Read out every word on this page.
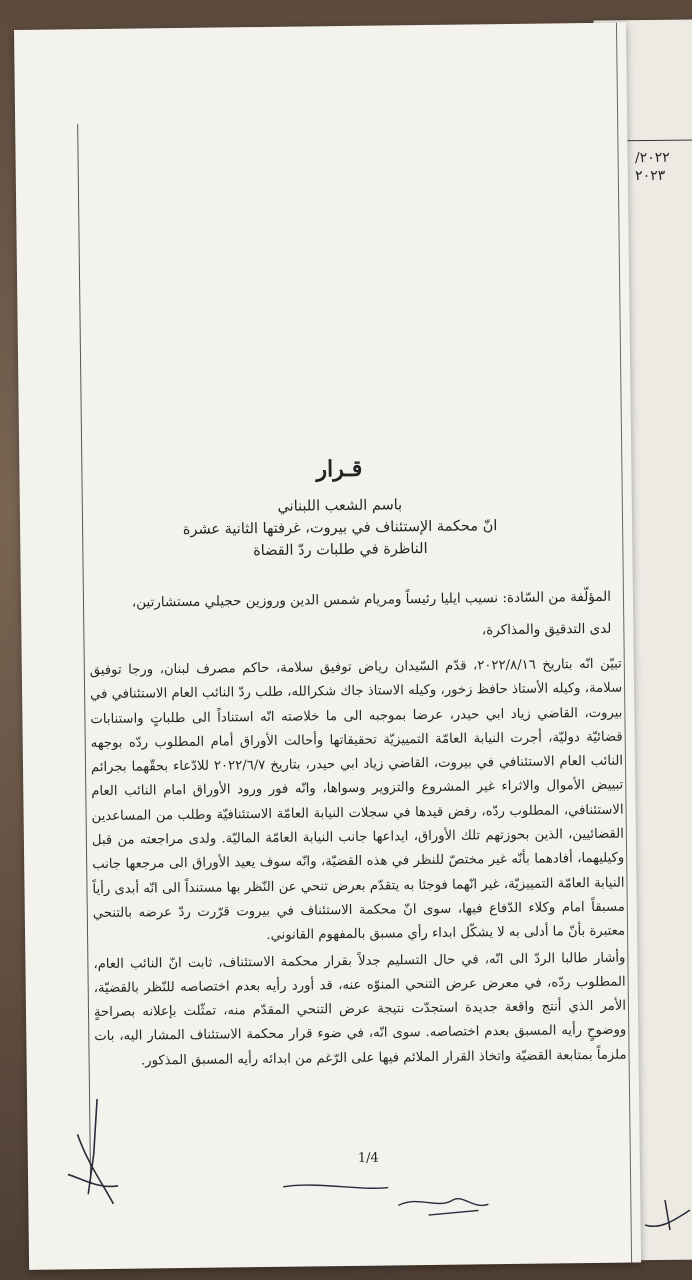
٢٠٢٢/
٢٠٢٣
قـرار
باسم الشعب اللبناني
انّ محكمة الإستئناف في بيروت، غرفتها الثانية عشرة
الناظرة في طلبات ردّ القضاة
المؤلّفة من السّادة: نسيب ايليا رئيساً ومريام شمس الدين وروزين حجيلي مستشارتين،
لدى التدقيق والمذاكرة،

تبيّن انّه بتاريخ ٢٠٢٢/٨/١٦، قدّم السّيدان رياض توفيق سلامة، حاكم مصرف لبنان، ورجا توفيق سلامة، وكيله الأستاذ حافظ زخور، وكيله الاستاذ جاك شكرالله، طلب ردّ النائب العام الاستئنافي في بيروت، القاضي زياد ابي حيدر، عرضا بموجبه الى ما خلاصته انّه استناداً الى طلباتٍ واستنابات قضائيّة دوليّة، أجرت النيابة العامّة التمييزيّة تحقيقاتها وأحالت الأوراق أمام المطلوب ردّه بوجهه النائب العام الاستئنافي في بيروت، القاضي زياد ابي حيدر، بتاريخ ٢٠٢٢/٦/٧ للادّعاء بحقّهما بجرائم تبييض الأموال والاثراء غير المشروع والتزوير وسواها، وانّه فور ورود الأوراق امام النائب العام الاستئنافي، المطلوب ردّه، رفض قيدها في سجلات النيابة العامّة الاستئنافيّة وطلب من المساعدين القضائيين، الذين بحوزتهم تلك الأوراق، ايداعها جانب النيابة العامّة الماليّة. ولدى مراجعته من قبل وكيليهما، أفادهما بأنّه غير مختصّ للنظر في هذه القضيّة، وانّه سوف يعيد الأوراق الى مرجعها جانب النيابة العامّة التمييزيّة، غير انّهما فوجئا به يتقدّم بعرض تنحي عن النّظر بها مستنداً الى انّه أبدى رأياً مسبقاً امام وكلاء الدّفاع فيها، سوى انّ محكمة الاستئناف في بيروت قرّرت ردّ عرضه بالتنحي معتبرة بأنّ ما أدلى به لا يشكّل ابداء رأي مسبق بالمفهوم القانوني.

وأشار طالبا الردّ الى انّه، في حال التسليم جدلاً بقرار محكمة الاستئناف، ثابت انّ النائب العام، المطلوب ردّه، في معرض عرض التنحي المنوّه عنه، قد أورد رأيه بعدم اختصاصه للنّظر بالقضيّة، الأمر الذي أنتج واقعة جديدة استجدّت نتيجة عرض التنحي المقدّم منه، تمثّلت بإعلانه بصراحةٍ ووضوحٍ رأيه المسبق بعدم اختصاصه. سوى انّه، في ضوء قرار محكمة الاستئناف المشار اليه، بات ملزماً بمتابعة القضيّة واتخاذ القرار الملائم فيها على الرّغم من ابدائه رأيه المسبق المذكور.

1/4
